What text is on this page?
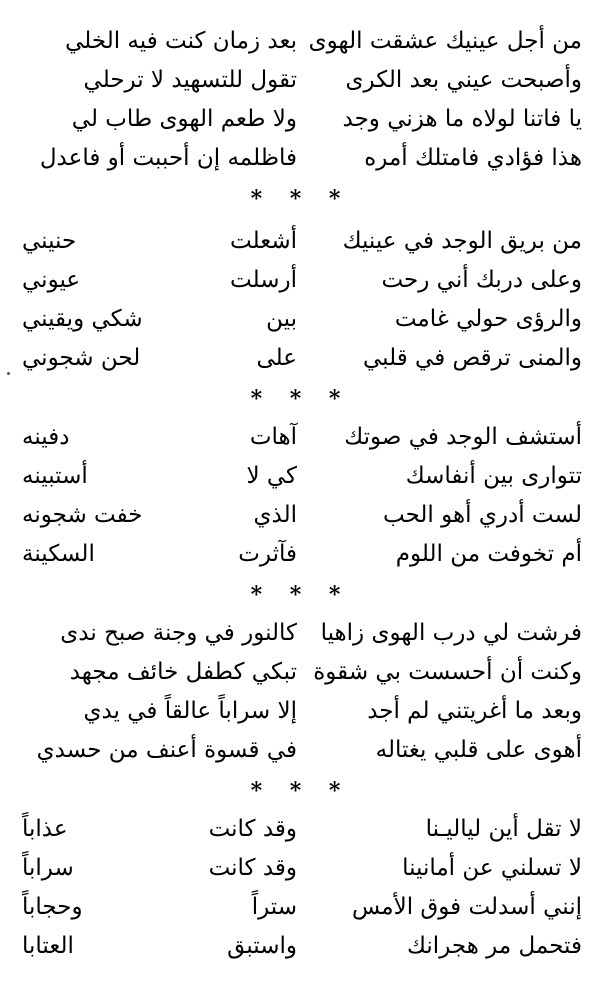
من أجل عينيك عشقت الهوى
بعد زمان كنت فيه الخلي
وأصبحت عيني بعد الكرى
تقول للتسهيد لا ترحلي
يا فاتنا لولاه ما هزني وجد
ولا طعم الهوى طاب لي
هذا فؤادي فامتلك أمره
فاظلمه إن أحببت أو فاعدل
* * *
من بريق الوجد في عينيك
أشعلت
حنيني
وعلى دربك أني رحت
أرسلت
عيوني
والرؤى حولي غامت
بين
شكي ويقيني
والمنى ترقص في قلبي
على
لحن شجوني
* * *
أستشف الوجد في صوتك
آهات
دفينه
تتوارى بين أنفاسك
كي لا
أستبينه
لست أدري أهو الحب
الذي
خفت شجونه
أم تخوفت من اللوم
فآثرت
السكينة
* * *
فرشت لي درب الهوى زاهيا
كالنور في وجنة صبح ندى
وكنت أن أحسست بي شقوة
تبكي كطفل خائف مجهد
وبعد ما أغريتني لم أجد
إلا سراباً عالقاً في يدي
أهوى على قلبي يغتاله
في قسوة أعنف من حسدي
* * *
لا تقل أين لياليـنا
وقد كانت
عذاباً
لا تسلني عن أمانينا
وقد كانت
سراباً
إنني أسدلت فوق الأمس
ستراً
وحجاباً
فتحمل مر هجرانك
واستبق
العتابا
